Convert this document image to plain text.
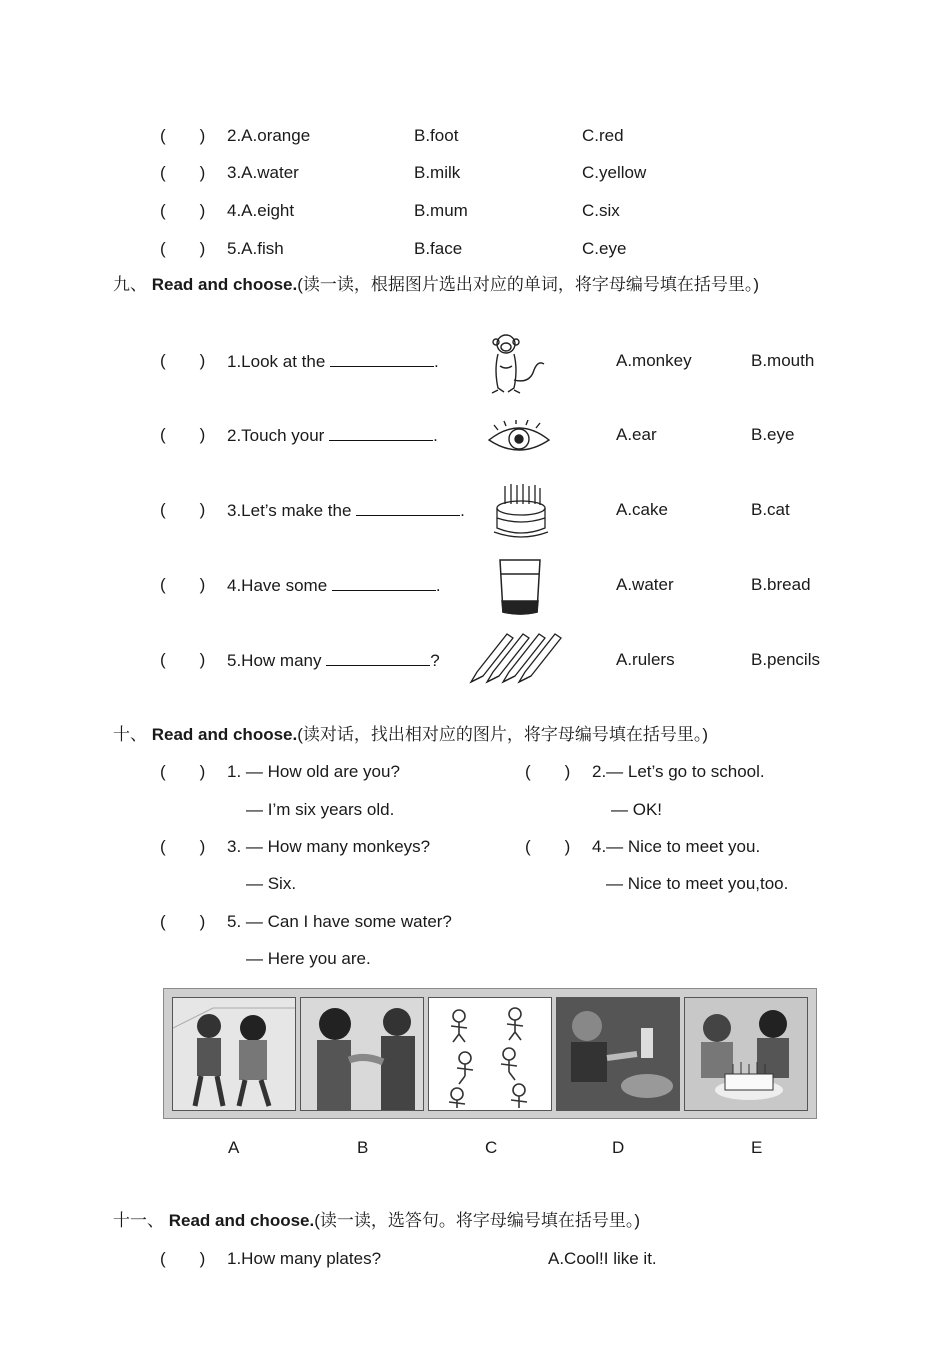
(　　) 2.A.orange	B.foot	C.red
(　　) 3.A.water	B.milk	C.yellow
(　　) 4.A.eight	B.mum	C.six
(　　) 5.A.fish	B.face	C.eye
九、 Read and choose.(读一读，根据图片选出对应的单词，将字母编号填在括号里。)
(　　) 1.Look at the	.	A.monkey	B.mouth
(　　) 2.Touch your	.	A.ear	B.eye
(　　) 3.Let’s make the	.	A.cake	B.cat
(　　) 4.Have some	.	A.water	B.bread
(　　) 5.How many	?	A.rulers	B.pencils
十、 Read and choose.(读对话，找出相对应的图片，将字母编号填在括号里。)
(　　) 1. — How old are you?
— I’m six years old.
(　　) 2.— Let’s go to school.
— OK!
(　　) 3. — How many monkeys?
— Six.
(　　) 4.— Nice to meet you.
— Nice to meet you,too.
(　　) 5. — Can I have some water?
— Here you are.
A	B	C	D	E
十一、 Read and choose.(读一读，选答句。将字母编号填在括号里。)
(　　) 1.How many plates?	A.Cool!I like it.
